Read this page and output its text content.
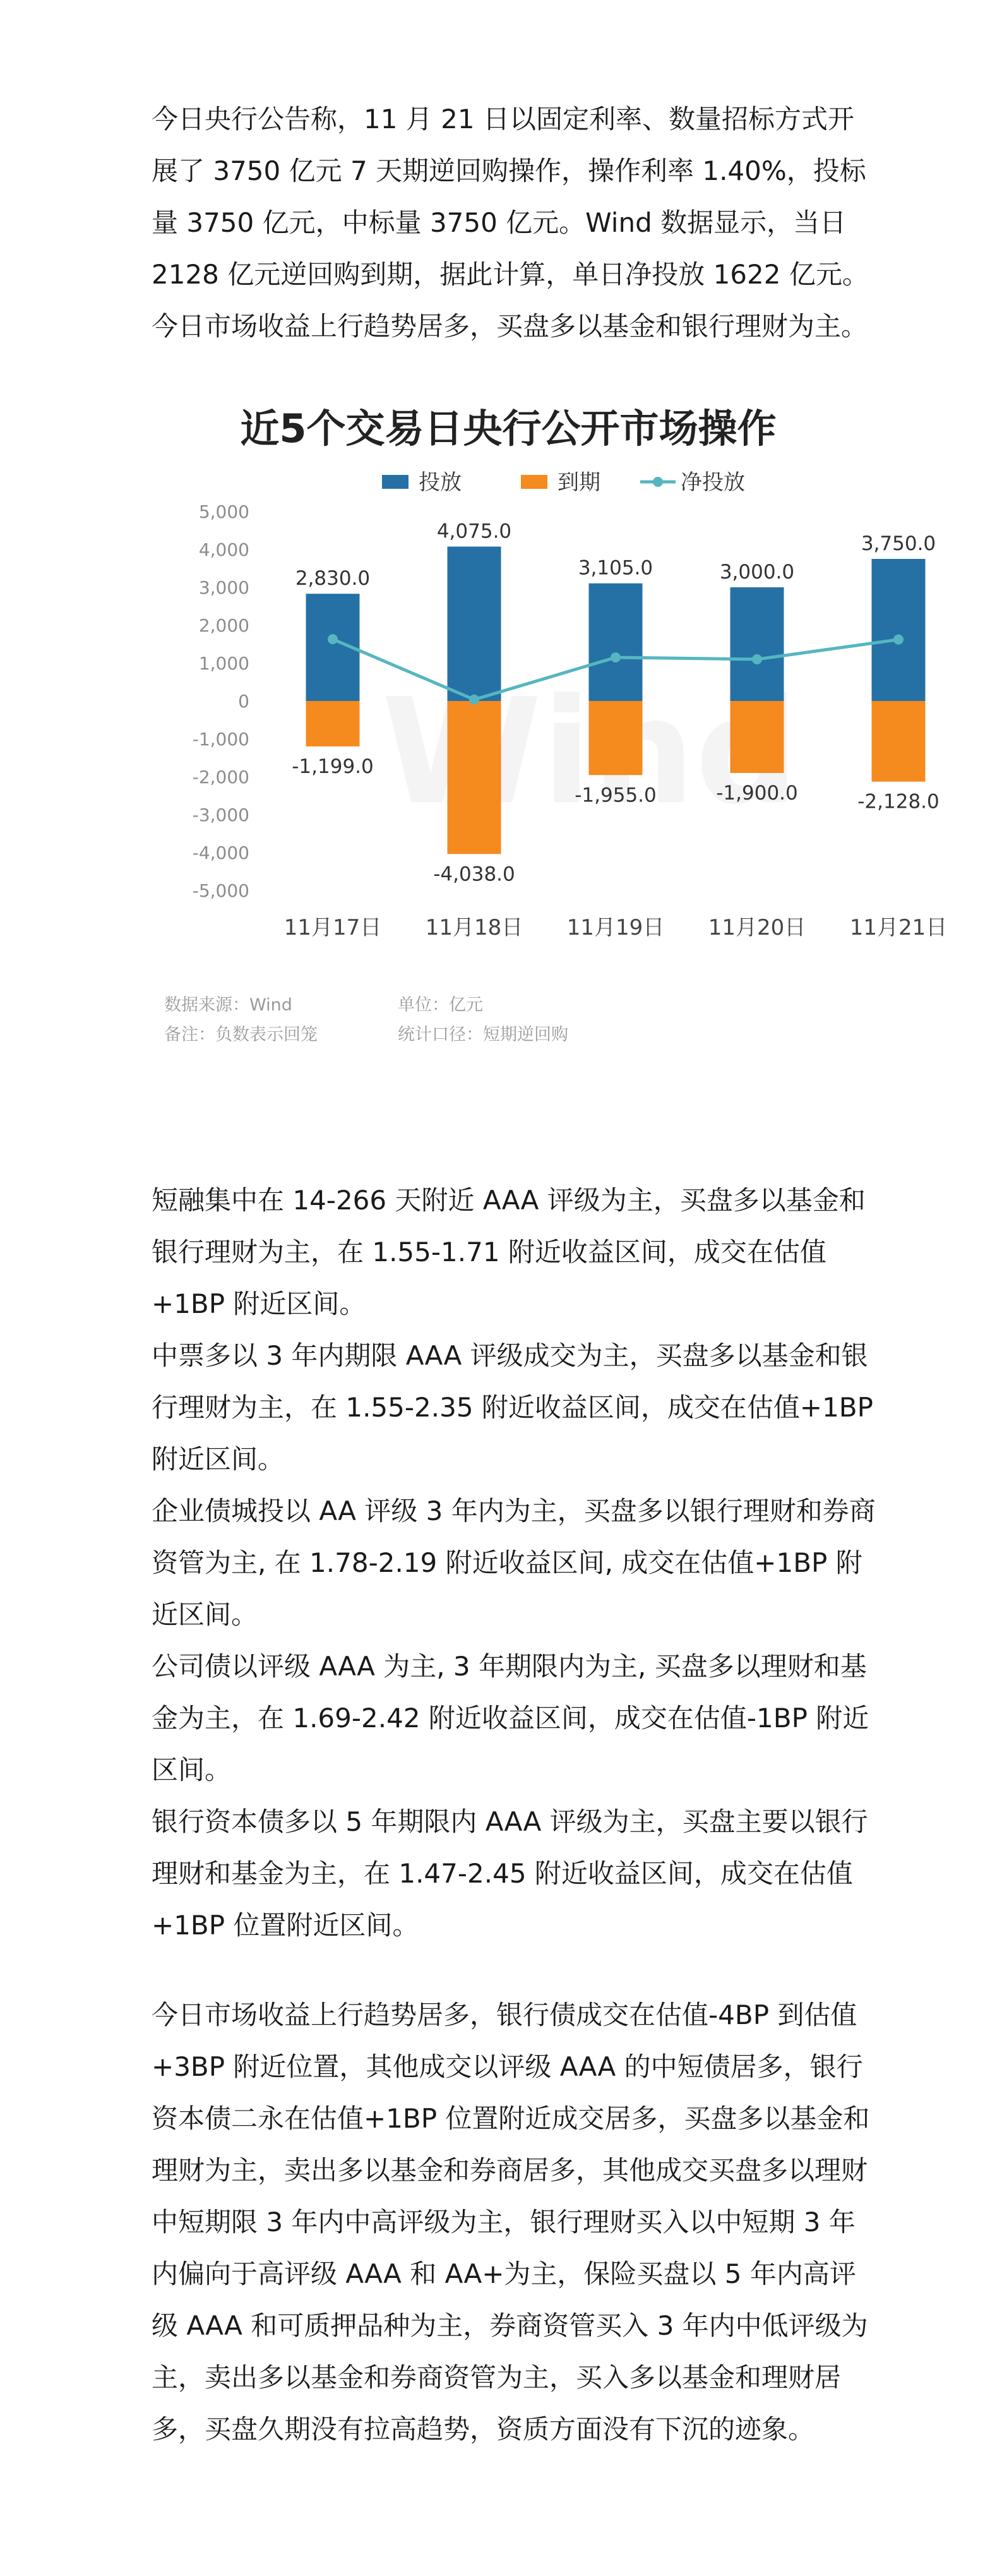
今日央行公告称，11 月 21 日以固定利率、数量招标方式开展了 3750 亿元 7 天期逆回购操作，操作利率 1.40%，投标量 3750 亿元，中标量 3750 亿元。Wind 数据显示，当日 2128 亿元逆回购到期，据此计算，单日净投放 1622 亿元。今日市场收益上行趋势居多，买盘多以基金和银行理财为主。

近5个交易日央行公开市场操作
投放	到期	净投放
5,000
4,000
3,000
2,000
1,000
0
-1,000
-2,000
-3,000
-4,000
-5,000
2,830.0
4,075.0
3,105.0	3,000.0
3,750.0
-1,199.0
-4,038.0
-1,955.0	-1,900.0	-2,128.0
11月17日 11月18日 11月19日 11月20日 11月21日
数据来源：Wind	单位：亿元
备注：负数表示回笼	统计口径：短期逆回购

短融集中在 14-266 天附近 AAA 评级为主，买盘多以基金和银行理财为主，在 1.55-1.71 附近收益区间，成交在估值+1BP 附近区间。

中票多以 3 年内期限 AAA 评级成交为主，买盘多以基金和银行理财为主，在 1.55-2.35 附近收益区间，成交在估值+1BP 附近区间。

企业债城投以 AA 评级 3 年内为主，买盘多以银行理财和券商资管为主, 在 1.78-2.19 附近收益区间, 成交在估值+1BP 附近区间。

公司债以评级 AAA 为主, 3 年期限内为主, 买盘多以理财和基金为主，在 1.69-2.42 附近收益区间，成交在估值-1BP 附近区间。

银行资本债多以 5 年期限内 AAA 评级为主，买盘主要以银行理财和基金为主，在 1.47-2.45 附近收益区间，成交在估值+1BP 位置附近区间。

今日市场收益上行趋势居多，银行债成交在估值-4BP 到估值+3BP 附近位置，其他成交以评级 AAA 的中短债居多，银行资本债二永在估值+1BP 位置附近成交居多，买盘多以基金和理财为主，卖出多以基金和券商居多，其他成交买盘多以理财中短期限 3 年内中高评级为主，银行理财买入以中短期 3 年内偏向于高评级 AAA 和 AA+为主，保险买盘以 5 年内高评级 AAA 和可质押品种为主，券商资管买入 3 年内中低评级为主，卖出多以基金和券商资管为主，买入多以基金和理财居多，买盘久期没有拉高趋势，资质方面没有下沉的迹象。
